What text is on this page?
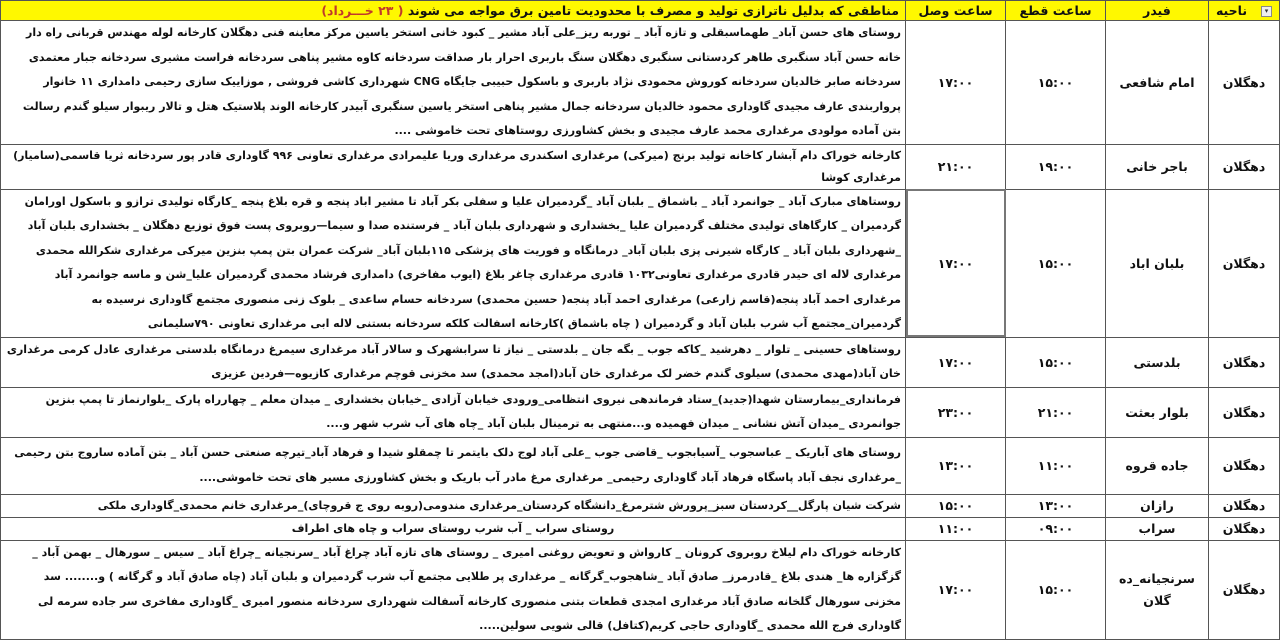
▾ناحیه	فیدر	ساعت قطع	ساعت وصل	مناطقی که بدلیل ناترازی تولید و مصرف با محدودیت تامین برق مواجه می شوند ( ۲۳ خـــرداد)
دهگلان	امام شافعی	۱۵:۰۰	۱۷:۰۰	روستای های حسن آباد_ طهماسبقلی و تازه آباد _ توربه ریز_علی آباد مشیر _ کبود خانی استخر یاسین مرکز معاینه فنی دهگلان کارخانه لوله مهندس قربانی راه دار خانه حسن آباد سنگبری طاهر کردستانی سنگبری دهگلان سنگ باربری احرار بار صداقت سردخانه کاوه مشیر پناهی سردخانه فراست مشیری سردخانه جبار معتمدی سردخانه صابر خالدیان سردخانه کوروش محمودی نژاد باربری و باسکول حبیبی جایگاه CNG شهرداری کاشی فروشی , موزاییک سازی رحیمی دامداری ۱۱ خانوار پرواربندی عارف مجیدی گاوداری محمود خالدیان سردخانه جمال مشیر پناهی استخر یاسین سنگبری آبیدر کارخانه الوند پلاستیک هتل و تالار ریبوار سیلو گندم رسالت بتن آماده مولودی مرغداری محمد عارف مجیدی و بخش کشاورزی روستاهای تحت خاموشی ....
دهگلان	باجر خانی	۱۹:۰۰	۲۱:۰۰	کارخانه خوراک دام آبشار کاخانه تولید برنج (میرکی) مرغداری اسکندری مرغداری وریا علیمرادی مرغداری تعاونی ۹۹۶ گاوداری قادر پور سردخانه ثریا قاسمی(سامیار) مرغداری کوشا
دهگلان	بلبان اباد	۱۵:۰۰	۱۷:۰۰	روستاهای مبارک آباد _ جوانمرد آباد _ باشماق _ بلبان آباد _گردمیران علیا و سفلی بکر آباد تا مشیر اباد پنجه و قره بلاغ پنجه _کارگاه تولیدی ترازو و باسکول اورامان گردمیران _ کارگاهای تولیدی مختلف گردمیران علیا _بخشداری و شهرداری بلبان آباد _ فرستنده صدا و سیما—روبروی پست فوق توزیع دهگلان _ بخشداری بلبان آباد _شهرداری بلبان آباد _ کارگاه شیرنی پزی بلبان آباد_ درمانگاه و فوریت های پزشکی ۱۱۵بلبان آباد_ شرکت عمران بتن پمپ بنزین میرکی مرغداری شکرالله محمدی مرغداری لاله ای حیدر قادری مرغداری تعاونی۱۰۳۲ قادری مرغداری چاغر بلاغ (ایوب مفاخری) دامداری فرشاد محمدی گردمیران علیا_شن و ماسه جوانمرد آباد مرغداری احمد آباد پنجه(قاسم زارعی) مرغداری احمد آباد پنجه( حسین محمدی) سردخانه حسام ساعدی _ بلوک زنی منصوری مجتمع گاوداری نرسیده به گردمیران_مجتمع آب شرب بلبان آباد و گردمیران ( چاه باشماق )کارخانه اسفالت کلکه سردخانه بستنی لاله ابی مرغداری تعاونی ۷۹۰سلیمانی
دهگلان	بلدستی	۱۵:۰۰	۱۷:۰۰	روستاهای حسینی _ تلوار _ دهرشید _کاکه جوب _ بگه جان _ بلدستی _ نیاز تا سرابشهرک و سالار آباد مرغداری سیمرغ درمانگاه بلدستی مرغداری عادل کرمی مرغداری خان آباد(مهدی محمدی) سیلوی گندم خضر لک مرغداری خان آباد(امجد محمدی) سد مخزنی قوچم مرغداری کازیوه—فردین عزیزی
دهگلان	بلوار بعثت	۲۱:۰۰	۲۳:۰۰	فرمانداری_بیمارستان شهدا(جدید)_ستاد فرماندهی نیروی انتظامی_ورودی خیابان آزادی _خیابان بخشداری _ میدان معلم _ چهارراه پارک _بلوارنماز تا پمپ بنزین جوانمردی _میدان آتش نشانی _ میدان فهمیده و...منتهی به ترمینال بلبان آباد _چاه های آب شرب شهر و....
دهگلان	جاده قروه	۱۱:۰۰	۱۳:۰۰	روستای های آباریک _ عباسجوب _آسیابجوب _قاضی جوب _علی آباد لوج دلک بایتمر تا چمقلو شیدا و فرهاد آباد_تیرچه صنعتی حسن آباد _ بتن آماده ساروج بتن رحیمی _مرغداری نجف آباد پاسگاه فرهاد آباد گاوداری رحیمی_ مرغداری مرغ مادر آب باریک و بخش کشاورزی مسیر های تحت خاموشی....
دهگلان	رازان	۱۳:۰۰	۱۵:۰۰	شرکت شیان پارگل__کردستان سبز_پرورش شترمرغ_دانشگاه کردستان_مرغداری مندومی(روبه روی ج قروچای)_مرغداری خانم محمدی_گاوداری ملکی
دهگلان	سراب	۰۹:۰۰	۱۱:۰۰	روستای سراب _ آب شرب روستای سراب و چاه های اطراف
دهگلان	سرنجیانه_ده گلان	۱۵:۰۰	۱۷:۰۰	کارخانه خوراک دام لیلاخ روبروی کرونان _ کارواش و تعویض روغنی امیری _ روستای های تازه آباد چراغ آباد _سرنجیانه _چراغ آباد _ سیس _ سورهال _ بهمن آباد _ گزگزاره ها_ هندی بلاغ _قادرمرز_ صادق آباد _شاهجوب_گرگانه _ مرغداری پر طلایی مجتمع آب شرب گردمیران و بلبان آباد (چاه صادق آباد و گرگانه ) و........ سد مخزنی سورهال گلخانه صادق آباد مرغداری امجدی قطعات بتنی منصوری کارخانه آسفالت شهرداری سردخانه منصور امیری _گاوداری مفاخری سر جاده سرمه لی گاوداری فرج الله محمدی _گاوداری حاجی کریم(کتافل) قالی شویی سولین.....
